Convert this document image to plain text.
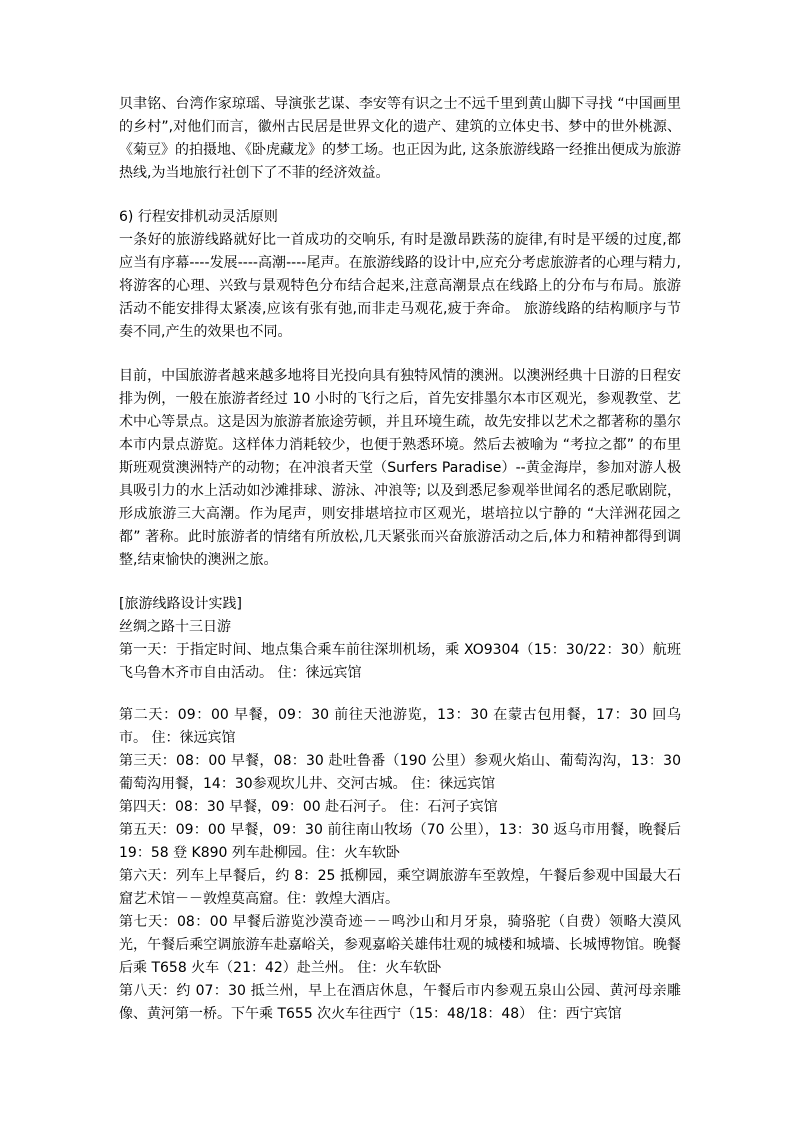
贝聿铭、台湾作家琼瑶、导演张艺谋、李安等有识之士不远千里到黄山脚下寻找 “中国画里的乡村”,对他们而言，徽州古民居是世界文化的遗产、建筑的立体史书、梦中的世外桃源、《菊豆》的拍摄地、《卧虎藏龙》的梦工场。也正因为此, 这条旅游线路一经推出便成为旅游热线,为当地旅行社创下了不菲的经济效益。

6) 行程安排机动灵活原则

一条好的旅游线路就好比一首成功的交响乐, 有时是激昂跌荡的旋律,有时是平缓的过度,都应当有序幕----发展----高潮----尾声。在旅游线路的设计中,应充分考虑旅游者的心理与精力,将游客的心理、兴致与景观特色分布结合起来,注意高潮景点在线路上的分布与布局。旅游活动不能安排得太紧凑,应该有张有弛,而非走马观花,疲于奔命。 旅游线路的结构顺序与节奏不同,产生的效果也不同。

目前，中国旅游者越来越多地将目光投向具有独特风情的澳洲。以澳洲经典十日游的日程安排为例，一般在旅游者经过 10 小时的飞行之后，首先安排墨尔本市区观光，参观教堂、艺术中心等景点。这是因为旅游者旅途劳顿，并且环境生疏，故先安排以艺术之都著称的墨尔本市内景点游览。这样体力消耗较少，也便于熟悉环境。然后去被喻为 “考拉之都” 的布里斯班观赏澳洲特产的动物；在冲浪者天堂（Surfers Paradise）--黄金海岸，参加对游人极具吸引力的水上活动如沙滩排球、游泳、冲浪等; 以及到悉尼参观举世闻名的悉尼歌剧院，形成旅游三大高潮。作为尾声，则安排堪培拉市区观光，堪培拉以宁静的 “大洋洲花园之都” 著称。此时旅游者的情绪有所放松,几天紧张而兴奋旅游活动之后,体力和精神都得到调整,结束愉快的澳洲之旅。

[旅游线路设计实践]

丝绸之路十三日游

第一天：于指定时间、地点集合乘车前往深圳机场，乘 XO9304（15：30/22：30）航班飞乌鲁木齐市自由活动。 住：徕远宾馆

第二天：09：00 早餐，09：30 前往天池游览，13：30 在蒙古包用餐，17：30 回乌市。 住：徕远宾馆

第三天：08：00 早餐，08：30 赴吐鲁番（190 公里）参观火焰山、葡萄沟沟，13：30 葡萄沟用餐，14：30参观坎儿井、交河古城。 住：徕远宾馆

第四天：08：30 早餐，09：00 赴石河子。 住：石河子宾馆

第五天：09：00 早餐，09：30 前往南山牧场（70 公里），13：30 返乌市用餐，晚餐后 19：58 登 K890 列车赴柳园。住：火车软卧

第六天：列车上早餐后，约 8：25 抵柳园，乘空调旅游车至敦煌，午餐后参观中国最大石窟艺术馆－－敦煌莫高窟。住：敦煌大酒店。

第七天：08：00 早餐后游览沙漠奇迹－－鸣沙山和月牙泉，骑骆驼（自费）领略大漠风光，午餐后乘空调旅游车赴嘉峪关，参观嘉峪关雄伟壮观的城楼和城墙、长城博物馆。晚餐后乘 T658 火车（21：42）赴兰州。 住：火车软卧

第八天：约 07：30 抵兰州，早上在酒店休息，午餐后市内参观五泉山公园、黄河母亲雕像、黄河第一桥。下午乘 T655 次火车往西宁（15：48/18：48） 住：西宁宾馆
